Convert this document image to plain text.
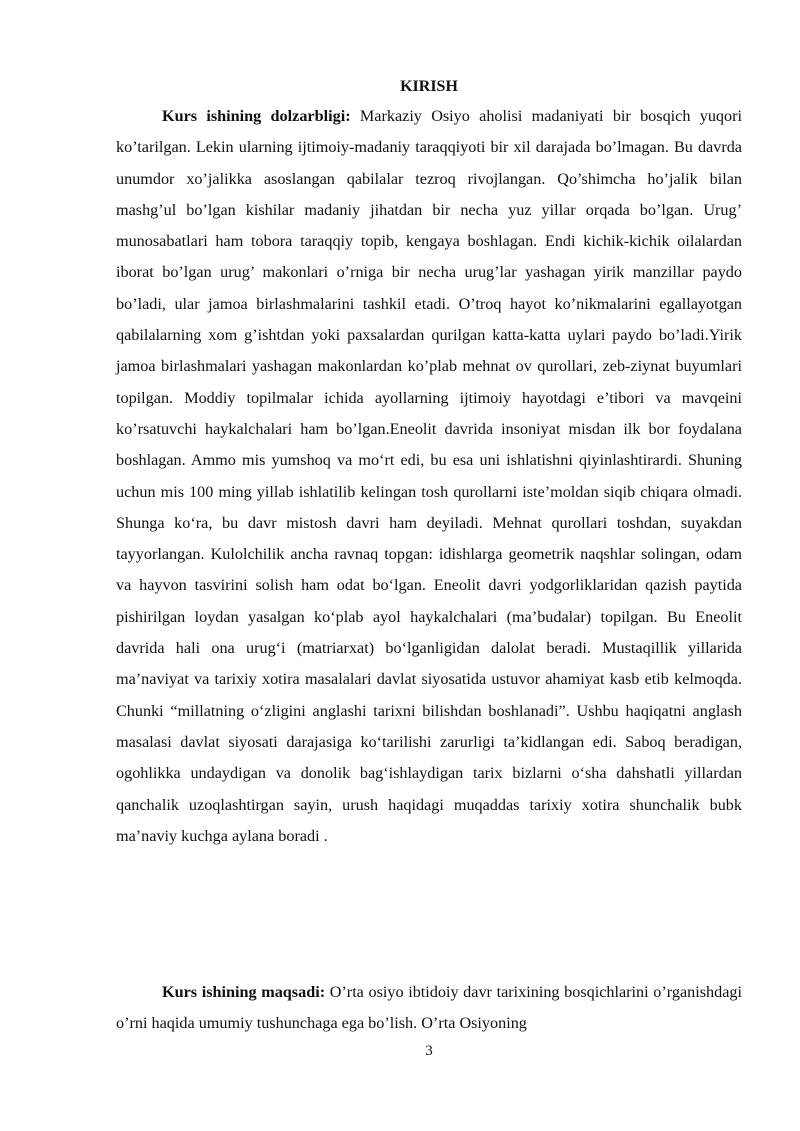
KIRISH

Kurs ishining dolzarbligi: Markaziy Osiyo aholisi madaniyati bir bosqich yuqori ko’tarilgan. Lekin ularning ijtimoiy-madaniy taraqqiyoti bir xil darajada bo’lmagan. Bu davrda unumdor xo’jalikka asoslangan qabilalar tezroq rivojlangan. Qo’shimcha ho’jalik bilan mashg’ul bo’lgan kishilar madaniy jihatdan bir necha yuz yillar orqada bo’lgan. Urug’ munosabatlari ham tobora taraqqiy topib, kengaya boshlagan. Endi kichik-kichik oilalardan iborat bo’lgan urug’ makonlari o’rniga bir necha urug’lar yashagan yirik manzillar paydo bo’ladi, ular jamoa birlashmalarini tashkil etadi. O’troq hayot ko’nikmalarini egallayotgan qabilalarning xom g’ishtdan yoki paxsalardan qurilgan katta-katta uylari paydo bo’ladi.Yirik jamoa birlashmalari yashagan makonlardan ko’plab mehnat ov qurollari, zeb-ziynat buyumlari topilgan. Moddiy topilmalar ichida ayollarning ijtimoiy hayotdagi e’tibori va mavqeini ko’rsatuvchi haykalchalari ham bo’lgan.Eneolit davrida insoniyat misdan ilk bor foydalana boshlagan. Ammo mis yumshoq va mo‘rt edi, bu esa uni ishlatishni qiyinlashtirardi. Shuning uchun mis 100 ming yillab ishlatilib kelingan tosh qurollarni iste’moldan siqib chiqara olmadi. Shunga ko‘ra, bu davr mistosh davri ham deyiladi. Mehnat qurollari toshdan, suyakdan tayyorlangan. Kulolchilik ancha ravnaq topgan: idishlarga geometrik naqshlar solingan, odam va hayvon tasvirini solish ham odat bo‘lgan. Eneolit davri yodgorliklaridan qazish paytida pishirilgan loydan yasalgan ko‘plab ayol haykalchalari (ma’budalar) topilgan. Bu Eneolit davrida hali ona urug‘i (matriarxat) bo‘lganligidan dalolat beradi. Mustaqillik yillarida ma’naviyat va tarixiy xotira masalalari davlat siyosatida ustuvor ahamiyat kasb etib kelmoqda. Chunki “millatning o‘zligini anglashi tarixni bilishdan boshlanadi”. Ushbu haqiqatni anglash masalasi davlat siyosati darajasiga ko‘tarilishi zarurligi ta’kidlangan edi. Saboq beradigan, ogohlikka undaydigan va donolik bag‘ishlaydigan tarix bizlarni o‘sha dahshatli yillardan qanchalik uzoqlashtirgan sayin, urush haqidagi muqaddas tarixiy xotira shunchalik bubk ma’naviy kuchga aylana boradi .

Kurs ishining maqsadi: O’rta osiyo ibtidoiy davr tarixining bosqichlarini o’rganishdagi o’rni haqida umumiy tushunchaga ega bo’lish. O’rta Osiyoning

3
